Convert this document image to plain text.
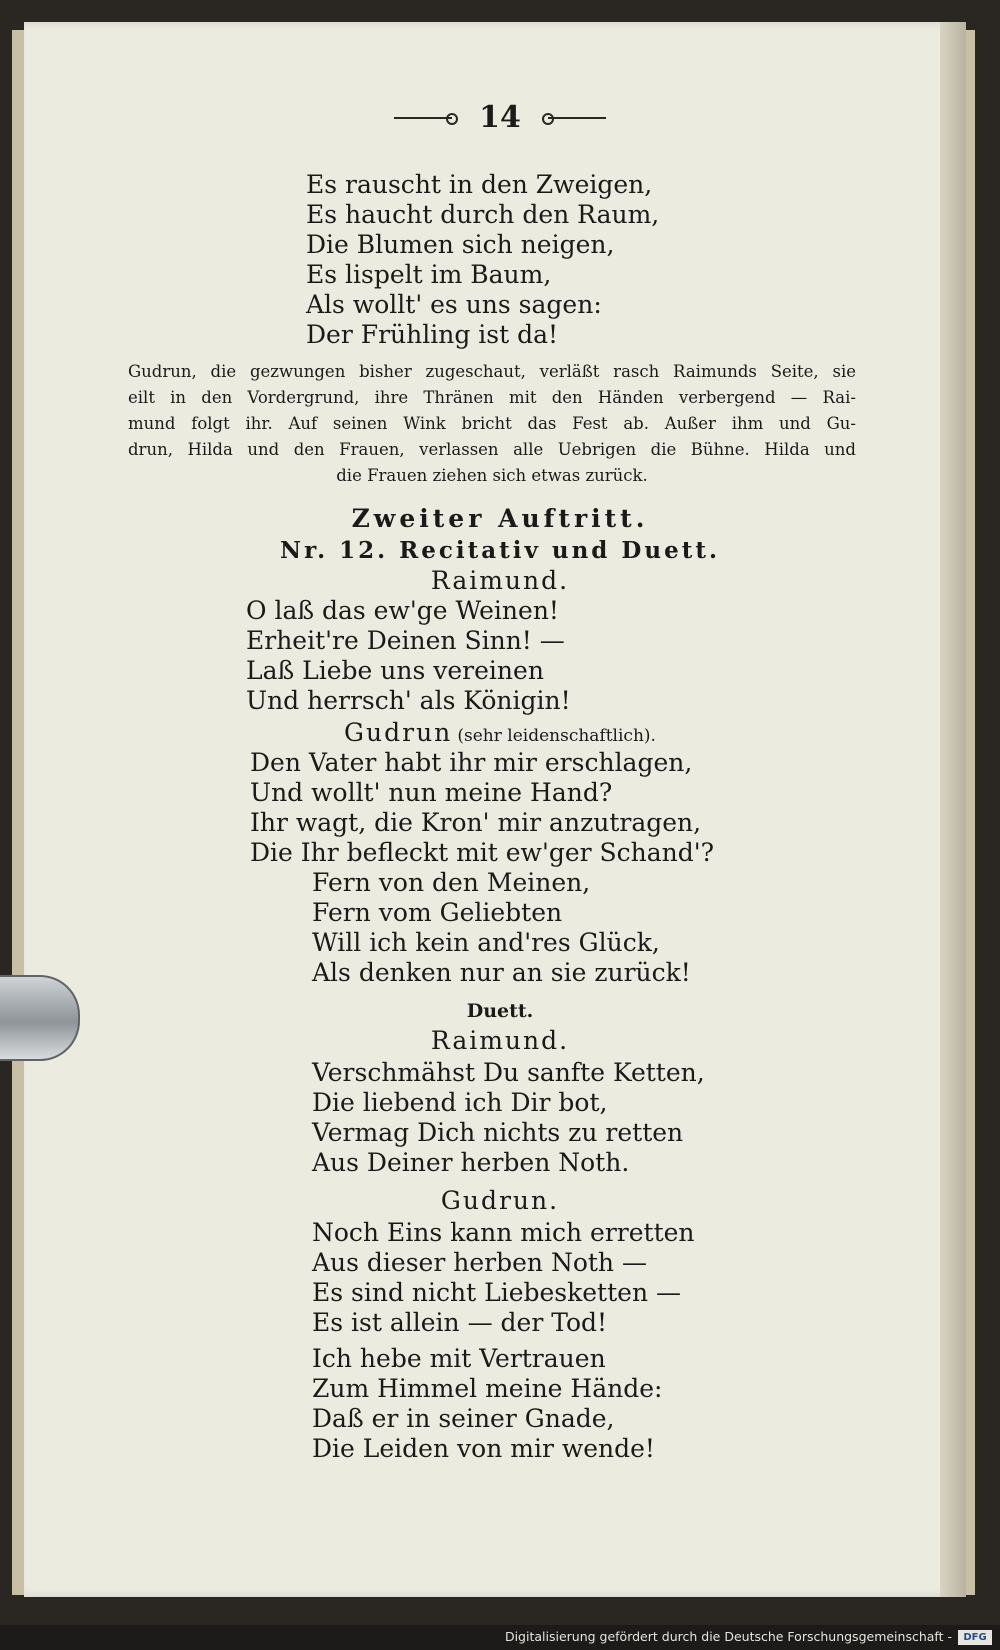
14
Es rauscht in den Zweigen,
Es haucht durch den Raum,
Die Blumen sich neigen,
Es lispelt im Baum,
Als wollt' es uns sagen:
Der Frühling ist da!
Gudrun, die gezwungen bisher zugeschaut, verläßt rasch Raimunds Seite, sie
eilt in den Vordergrund, ihre Thränen mit den Händen verbergend — Rai-
mund folgt ihr. Auf seinen Wink bricht das Fest ab. Außer ihm und Gu-
drun, Hilda und den Frauen, verlassen alle Uebrigen die Bühne. Hilda und
die Frauen ziehen sich etwas zurück.
Zweiter Auftritt.
Nr. 12. Recitativ und Duett.
Raimund.
O laß das ew'ge Weinen!
Erheit're Deinen Sinn! —
Laß Liebe uns vereinen
Und herrsch' als Königin!
Gudrun (sehr leidenschaftlich).
Den Vater habt ihr mir erschlagen,
Und wollt' nun meine Hand?
Ihr wagt, die Kron' mir anzutragen,
Die Ihr befleckt mit ew'ger Schand'?
Fern von den Meinen,
Fern vom Geliebten
Will ich kein and'res Glück,
Als denken nur an sie zurück!
Duett.
Raimund.
Verschmähst Du sanfte Ketten,
Die liebend ich Dir bot,
Vermag Dich nichts zu retten
Aus Deiner herben Noth.
Gudrun.
Noch Eins kann mich erretten
Aus dieser herben Noth —
Es sind nicht Liebesketten —
Es ist allein — der Tod!
Ich hebe mit Vertrauen
Zum Himmel meine Hände:
Daß er in seiner Gnade,
Die Leiden von mir wende!
Digitalisierung gefördert durch die Deutsche Forschungsgemeinschaft -	DFG
